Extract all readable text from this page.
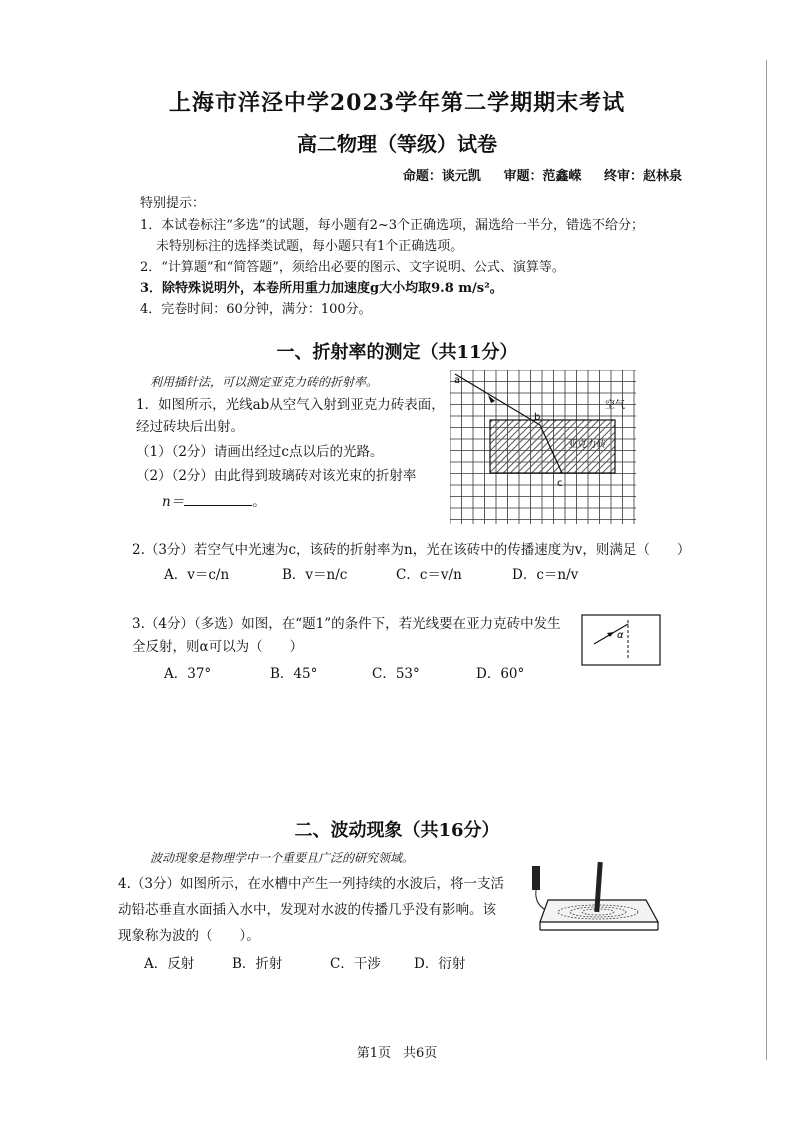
上海市洋泾中学2023学年第二学期期末考试
高二物理（等级）试卷
命题：谈元凯 审题：范鑫嵘 终审：赵林泉
特别提示：
1．本试卷标注“多选”的试题，每小题有2~3个正确选项，漏选给一半分，错选不给分；
未特别标注的选择类试题，每小题只有1个正确选项。
2．“计算题”和“简答题”，须给出必要的图示、文字说明、公式、演算等。
3．除特殊说明外，本卷所用重力加速度g大小均取9.8 m/s²。
4．完卷时间：60分钟，满分：100分。
一、折射率的测定（共11分）
利用插针法，可以测定亚克力砖的折射率。
1．如图所示，光线ab从空气入射到亚克力砖表面，
经过砖块后出射。
（1）（2分）请画出经过c点以后的光路。
（2）（2分）由此得到玻璃砖对该光束的折射率
n＝	。
a
b
c
空气
亚克力砖
2.（3分）若空气中光速为c，该砖的折射率为n，光在该砖中的传播速度为v，则满足（　　）
A．v＝c/n	B．v＝n/c	C．c＝v/n	D．c＝n/v
3.（4分）（多选）如图，在“题1”的条件下，若光线要在亚力克砖中发生
全反射，则α可以为（　　）
A．37°	B．45°	C．53°	D．60°
α
二、波动现象（共16分）
波动现象是物理学中一个重要且广泛的研究领域。
4.（3分）如图所示，在水槽中产生一列持续的水波后，将一支活
动铅芯垂直水面插入水中，发现对水波的传播几乎没有影响。该
现象称为波的（　　）。
A．反射	B．折射	C．干涉 D．衍射
第1页 共6页
